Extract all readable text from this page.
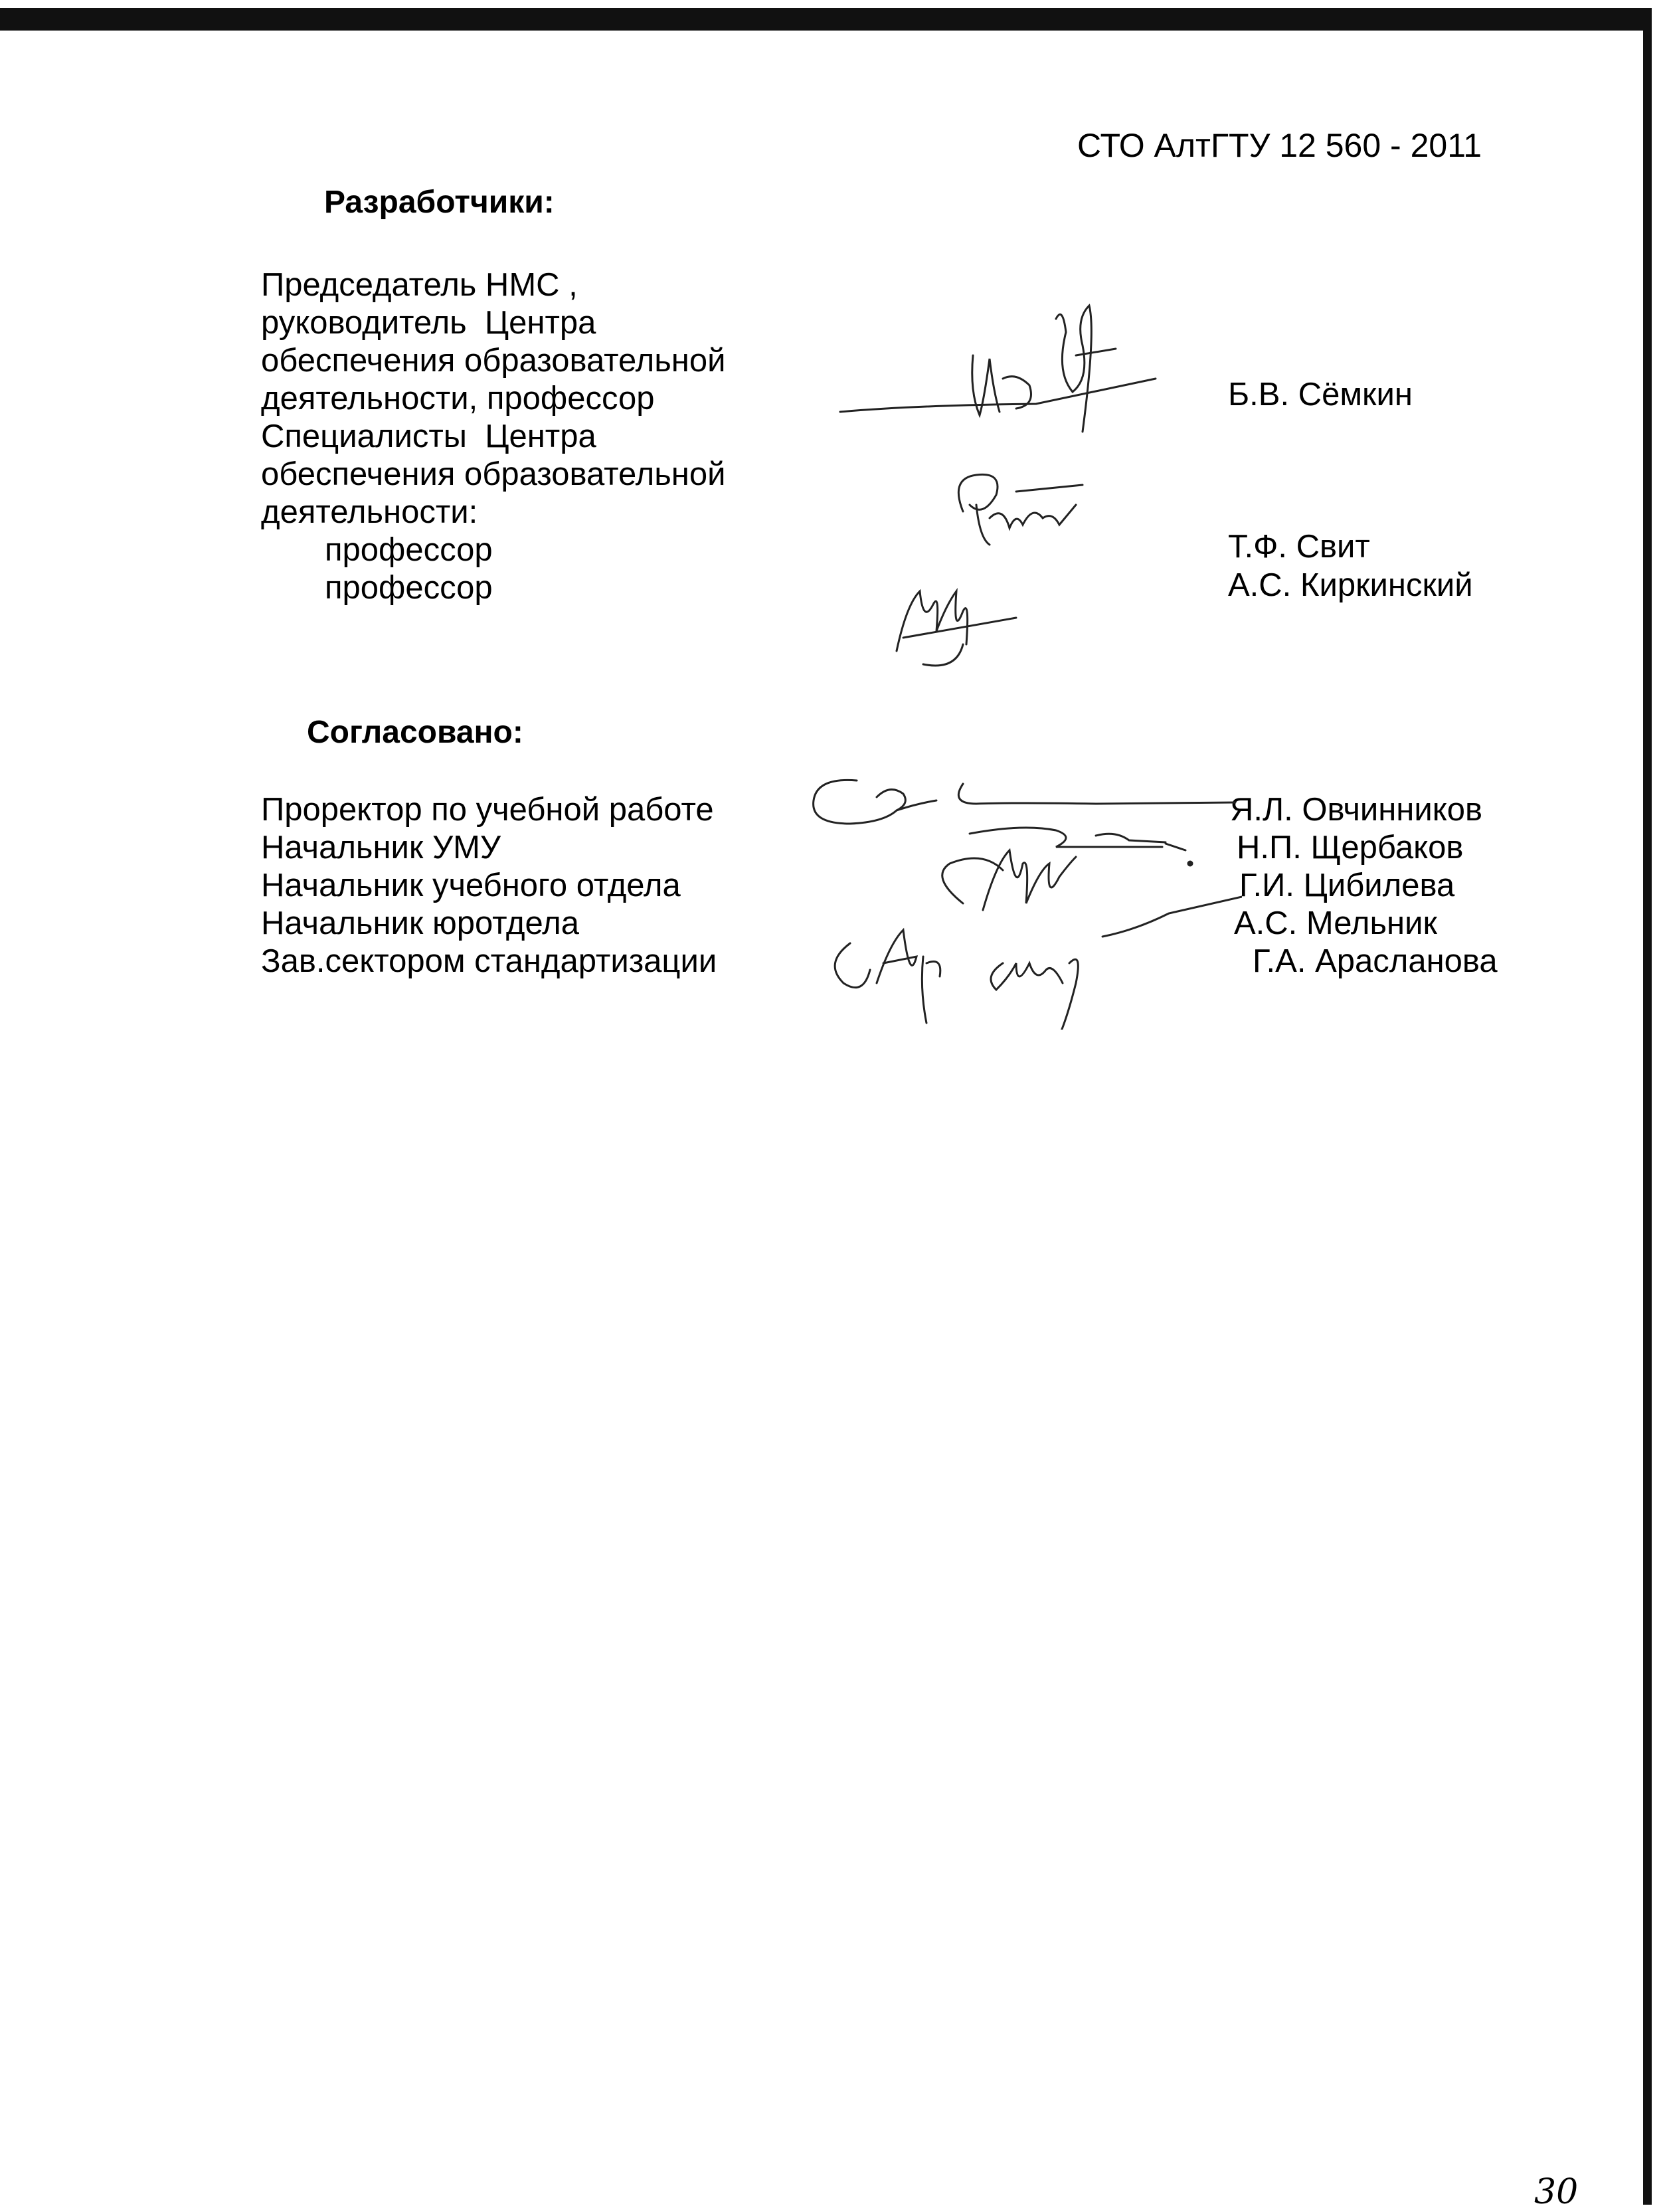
СТО АлтГТУ 12 560 - 2011
Разработчики:
Председатель НМС ,
руководитель  Центра
обеспечения образовательной
деятельности, профессор
Специалисты  Центра
обеспечения образовательной
деятельности:
профессор
профессор
Б.В. Сёмкин
Т.Ф. Свит
А.С. Киркинский
Согласовано:
Проректор по учебной работе
Начальник УМУ
Начальник учебного отдела
Начальник юротдела
Зав.сектором стандартизации
Я.Л. Овчинников
Н.П. Щербаков
Г.И. Цибилева
А.С. Мельник
Г.А. Арасланова
30
